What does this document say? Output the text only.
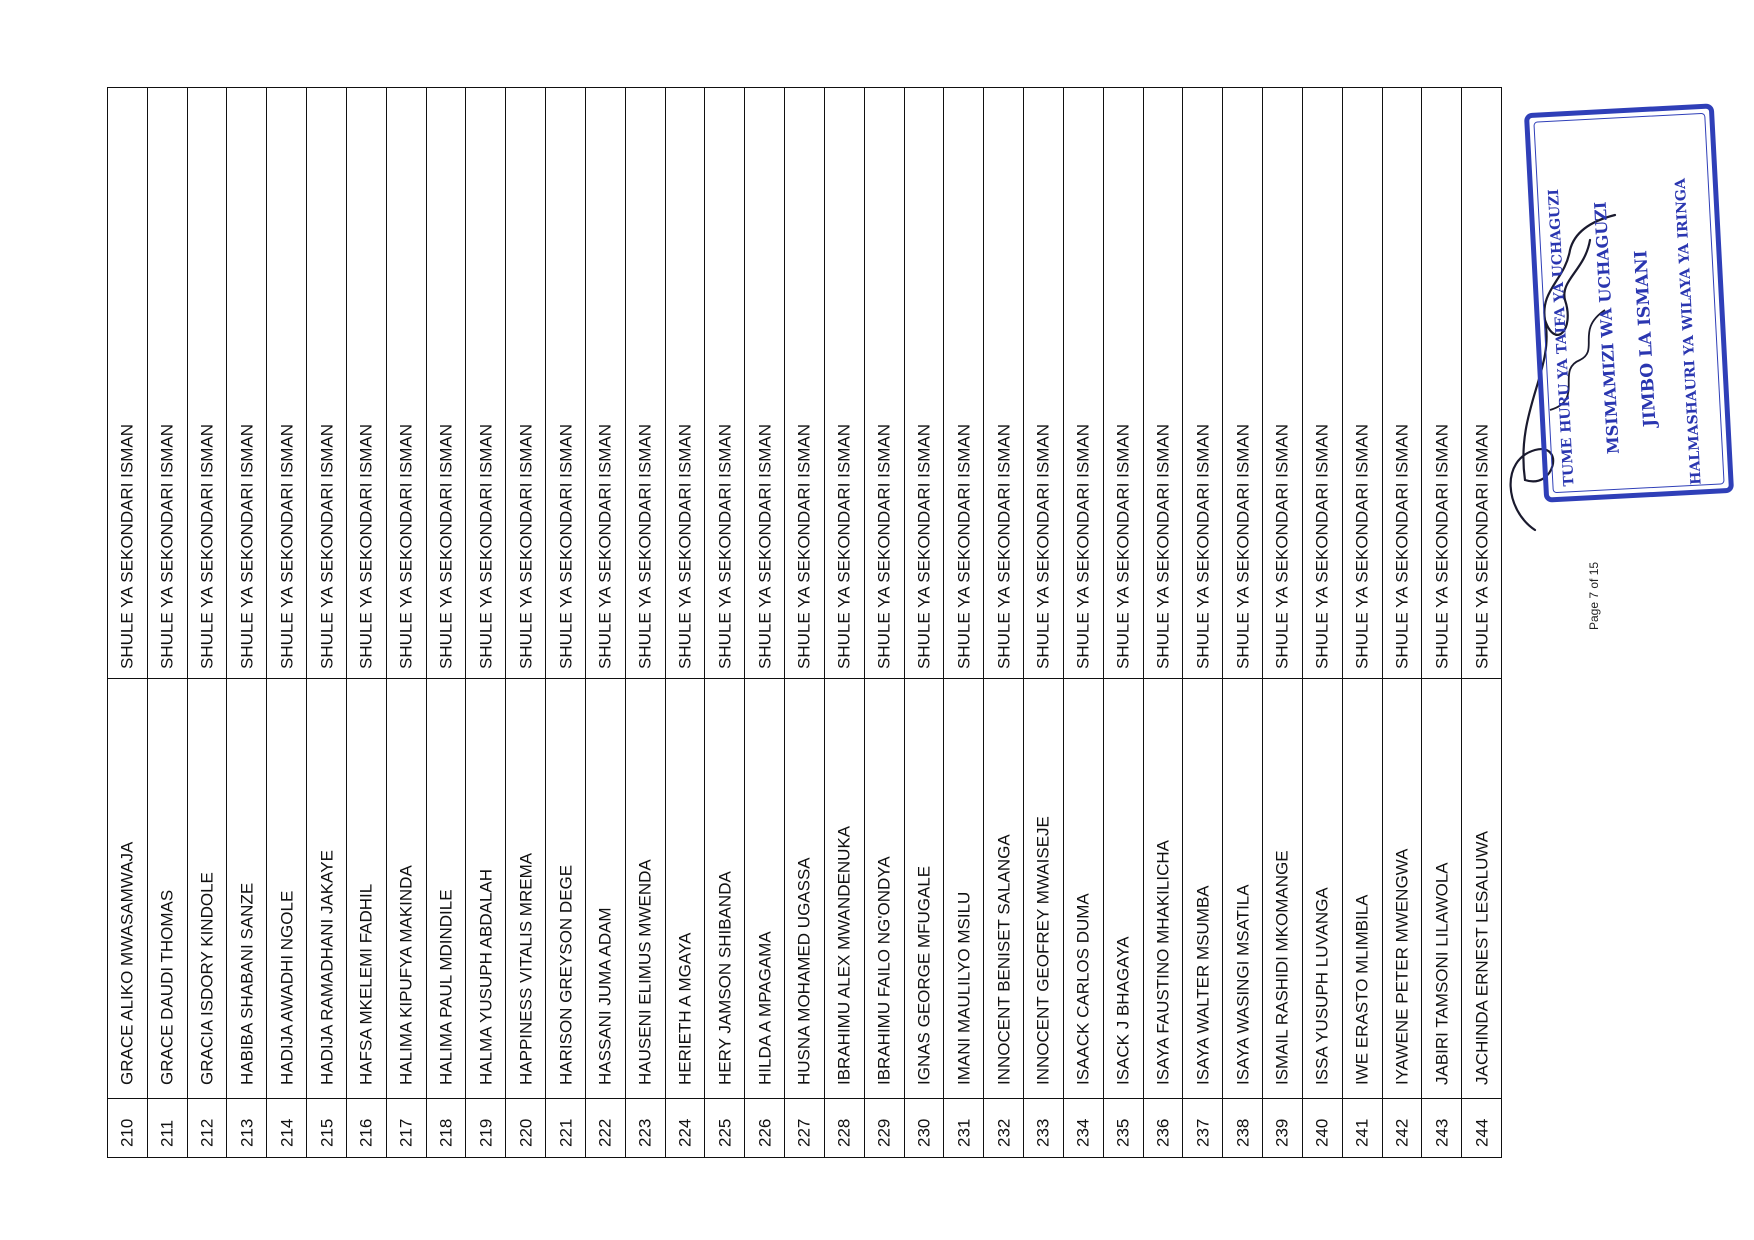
210
GRACE ALIKO MWASAMWAJA
SHULE YA SEKONDARI ISMAN
211
GRACE DAUDI THOMAS
SHULE YA SEKONDARI ISMAN
212
GRACIA ISDORY KINDOLE
SHULE YA SEKONDARI ISMAN
213
HABIBA SHABANI SANZE
SHULE YA SEKONDARI ISMAN
214
HADIJA AWADHI NGOLE
SHULE YA SEKONDARI ISMAN
215
HADIJA RAMADHANI JAKAYE
SHULE YA SEKONDARI ISMAN
216
HAFSA MKELEMI FADHIL
SHULE YA SEKONDARI ISMAN
217
HALIMA KIPUFYA MAKINDA
SHULE YA SEKONDARI ISMAN
218
HALIMA PAUL MDINDILE
SHULE YA SEKONDARI ISMAN
219
HALMA YUSUPH ABDALAH
SHULE YA SEKONDARI ISMAN
220
HAPPINESS VITALIS MREMA
SHULE YA SEKONDARI ISMAN
221
HARISON GREYSON DEGE
SHULE YA SEKONDARI ISMAN
222
HASSANI JUMA ADAM
SHULE YA SEKONDARI ISMAN
223
HAUSENI ELIMUS MWENDA
SHULE YA SEKONDARI ISMAN
224
HERIETH A MGAYA
SHULE YA SEKONDARI ISMAN
225
HERY JAMSON SHIBANDA
SHULE YA SEKONDARI ISMAN
226
HILDA A MPAGAMA
SHULE YA SEKONDARI ISMAN
227
HUSNA MOHAMED UGASSA
SHULE YA SEKONDARI ISMAN
228
IBRAHIMU ALEX MWANDENUKA
SHULE YA SEKONDARI ISMAN
229
IBRAHIMU FAILO NG'ONDYA
SHULE YA SEKONDARI ISMAN
230
IGNAS GEORGE MFUGALE
SHULE YA SEKONDARI ISMAN
231
IMANI MAULILYO MSILU
SHULE YA SEKONDARI ISMAN
232
INNOCENT BENISET SALANGA
SHULE YA SEKONDARI ISMAN
233
INNOCENT GEOFREY MWAISEJE
SHULE YA SEKONDARI ISMAN
234
ISAACK CARLOS DUMA
SHULE YA SEKONDARI ISMAN
235
ISACK J BHAGAYA
SHULE YA SEKONDARI ISMAN
236
ISAYA FAUSTINO MHAKILICHA
SHULE YA SEKONDARI ISMAN
237
ISAYA WALTER MSUMBA
SHULE YA SEKONDARI ISMAN
238
ISAYA WASINGI MSATILA
SHULE YA SEKONDARI ISMAN
239
ISMAIL RASHIDI MKOMANGE
SHULE YA SEKONDARI ISMAN
240
ISSA YUSUPH LUVANGA
SHULE YA SEKONDARI ISMAN
241
IWE ERASTO MLIMBILA
SHULE YA SEKONDARI ISMAN
242
IYAWENE PETER MWENGWA
SHULE YA SEKONDARI ISMAN
243
JABIRI TAMSONI LILAWOLA
SHULE YA SEKONDARI ISMAN
244
JACHINDA ERNEST LESALUWA
SHULE YA SEKONDARI ISMAN	Page 7 of 15
TUME HURU YA TAIFA YA UCHAGUZI MSIMAMIZI WA UCHAGUZI JIMBO LA ISMANI HALMASHAURI YA WILAYA YA IRINGA
